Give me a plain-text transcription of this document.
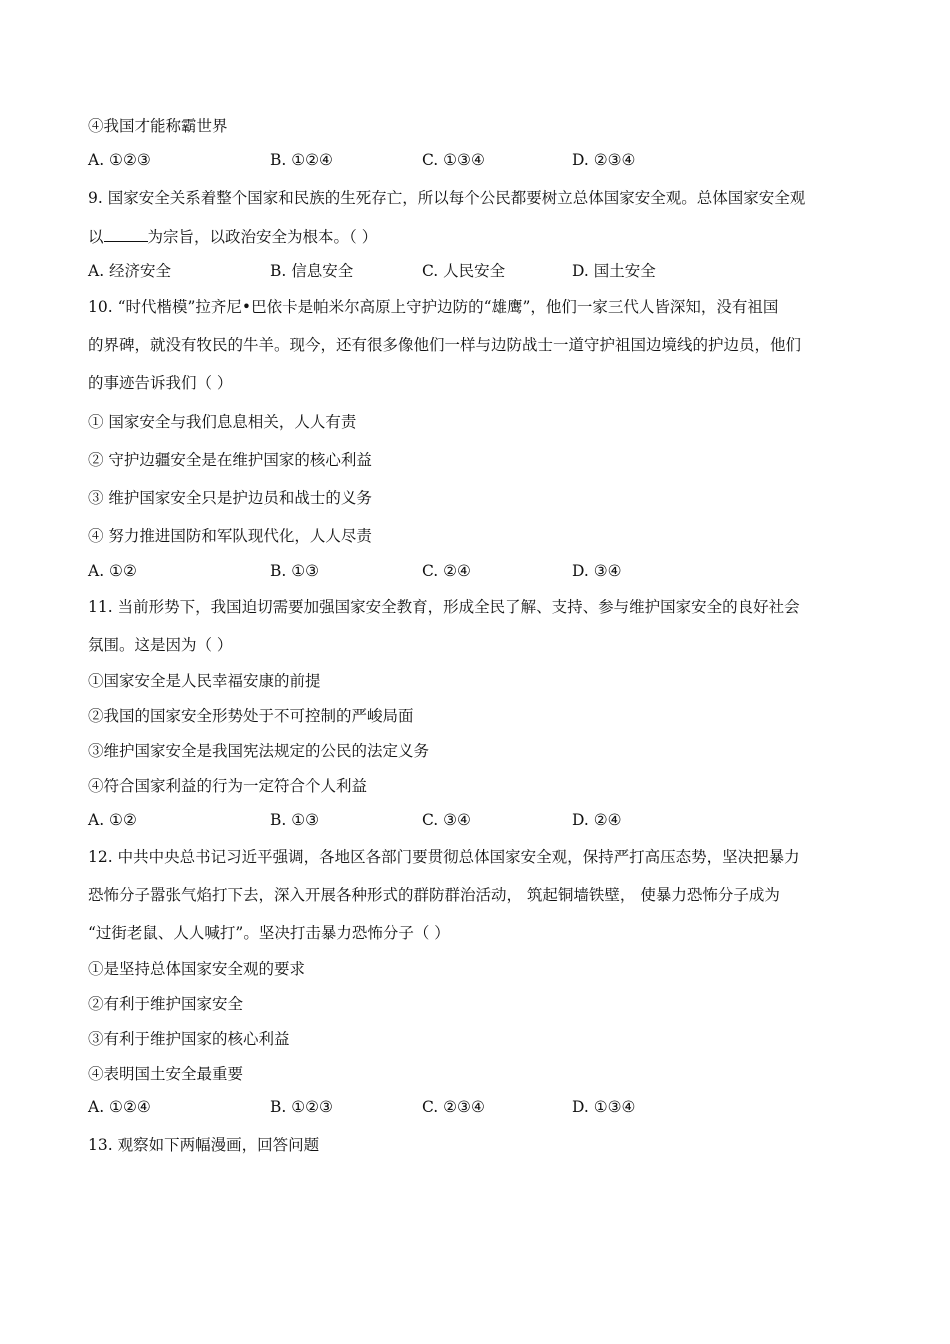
④我国才能称霸世界
A. ①②③	B. ①②④	C. ①③④	D. ②③④
9. 国家安全关系着整个国家和民族的生死存亡，所以每个公民都要树立总体国家安全观。总体国家安全观
以	为宗旨，以政治安全为根本。（ ）
A. 经济安全	B. 信息安全	C. 人民安全	D. 国土安全
10. “时代楷模”拉齐尼•巴依卡是帕米尔高原上守护边防的“雄鹰”，他们一家三代人皆深知，没有祖国
的界碑，就没有牧民的牛羊。现今，还有很多像他们一样与边防战士一道守护祖国边境线的护边员，他们
的事迹告诉我们（ ）
① 国家安全与我们息息相关，人人有责
② 守护边疆安全是在维护国家的核心利益
③ 维护国家安全只是护边员和战士的义务
④ 努力推进国防和军队现代化，人人尽责
A. ①②	B. ①③	C. ②④	D. ③④
11. 当前形势下，我国迫切需要加强国家安全教育，形成全民了解、支持、参与维护国家安全的良好社会
氛围。这是因为（ ）
①国家安全是人民幸福安康的前提
②我国的国家安全形势处于不可控制的严峻局面
③维护国家安全是我国宪法规定的公民的法定义务
④符合国家利益的行为一定符合个人利益
A. ①②	B. ①③	C. ③④	D. ②④
12. 中共中央总书记习近平强调，各地区各部门要贯彻总体国家安全观，保持严打高压态势，坚决把暴力
恐怖分子嚣张气焰打下去，深入开展各种形式的群防群治活动， 筑起铜墙铁壁， 使暴力恐怖分子成为
“过街老鼠、人人喊打”。坚决打击暴力恐怖分子（ ）
①是坚持总体国家安全观的要求
②有利于维护国家安全
③有利于维护国家的核心利益
④表明国土安全最重要
A. ①②④	B. ①②③	C. ②③④	D. ①③④
13. 观察如下两幅漫画，回答问题
